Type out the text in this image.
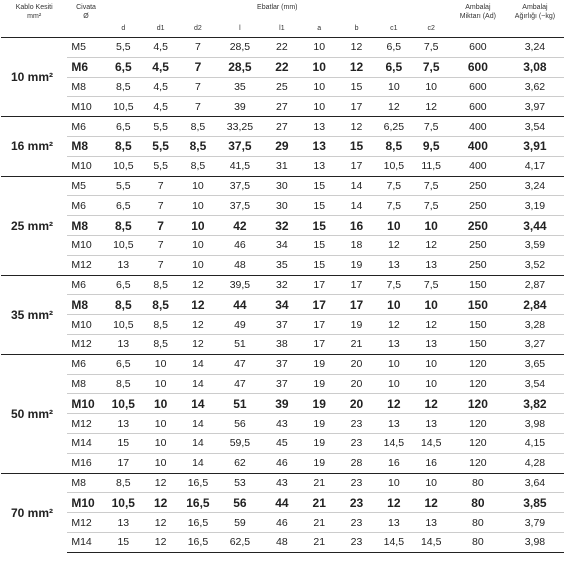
Kablo Kesiti
mm²	Civata
Ø	Ebatlar (mm)									Ambalaj
Miktarı (Ad)	Ambalaj
Ağırlığı (~kg)
		d	d1	d2	l	l1	a	b	c1	c2		
10 mm²	M5	5,5	4,5	7	28,5	22	10	12	6,5	7,5	600	3,24
	M6	6,5	4,5	7	28,5	22	10	12	6,5	7,5	600	3,08
	M8	8,5	4,5	7	35	25	10	15	10	10	600	3,62
	M10	10,5	4,5	7	39	27	10	17	12	12	600	3,97
16 mm²	M6	6,5	5,5	8,5	33,25	27	13	12	6,25	7,5	400	3,54
	M8	8,5	5,5	8,5	37,5	29	13	15	8,5	9,5	400	3,91
	M10	10,5	5,5	8,5	41,5	31	13	17	10,5	11,5	400	4,17
25 mm²	M5	5,5	7	10	37,5	30	15	14	7,5	7,5	250	3,24
	M6	6,5	7	10	37,5	30	15	14	7,5	7,5	250	3,19
	M8	8,5	7	10	42	32	15	16	10	10	250	3,44
	M10	10,5	7	10	46	34	15	18	12	12	250	3,59
	M12	13	7	10	48	35	15	19	13	13	250	3,52
35 mm²	M6	6,5	8,5	12	39,5	32	17	17	7,5	7,5	150	2,87
	M8	8,5	8,5	12	44	34	17	17	10	10	150	2,84
	M10	10,5	8,5	12	49	37	17	19	12	12	150	3,28
	M12	13	8,5	12	51	38	17	21	13	13	150	3,27
50 mm²	M6	6,5	10	14	47	37	19	20	10	10	120	3,65
	M8	8,5	10	14	47	37	19	20	10	10	120	3,54
	M10	10,5	10	14	51	39	19	20	12	12	120	3,82
	M12	13	10	14	56	43	19	23	13	13	120	3,98
	M14	15	10	14	59,5	45	19	23	14,5	14,5	120	4,15
	M16	17	10	14	62	46	19	28	16	16	120	4,28
70 mm²	M8	8,5	12	16,5	53	43	21	23	10	10	80	3,64
	M10	10,5	12	16,5	56	44	21	23	12	12	80	3,85
	M12	13	12	16,5	59	46	21	23	13	13	80	3,79
	M14	15	12	16,5	62,5	48	21	23	14,5	14,5	80	3,98
